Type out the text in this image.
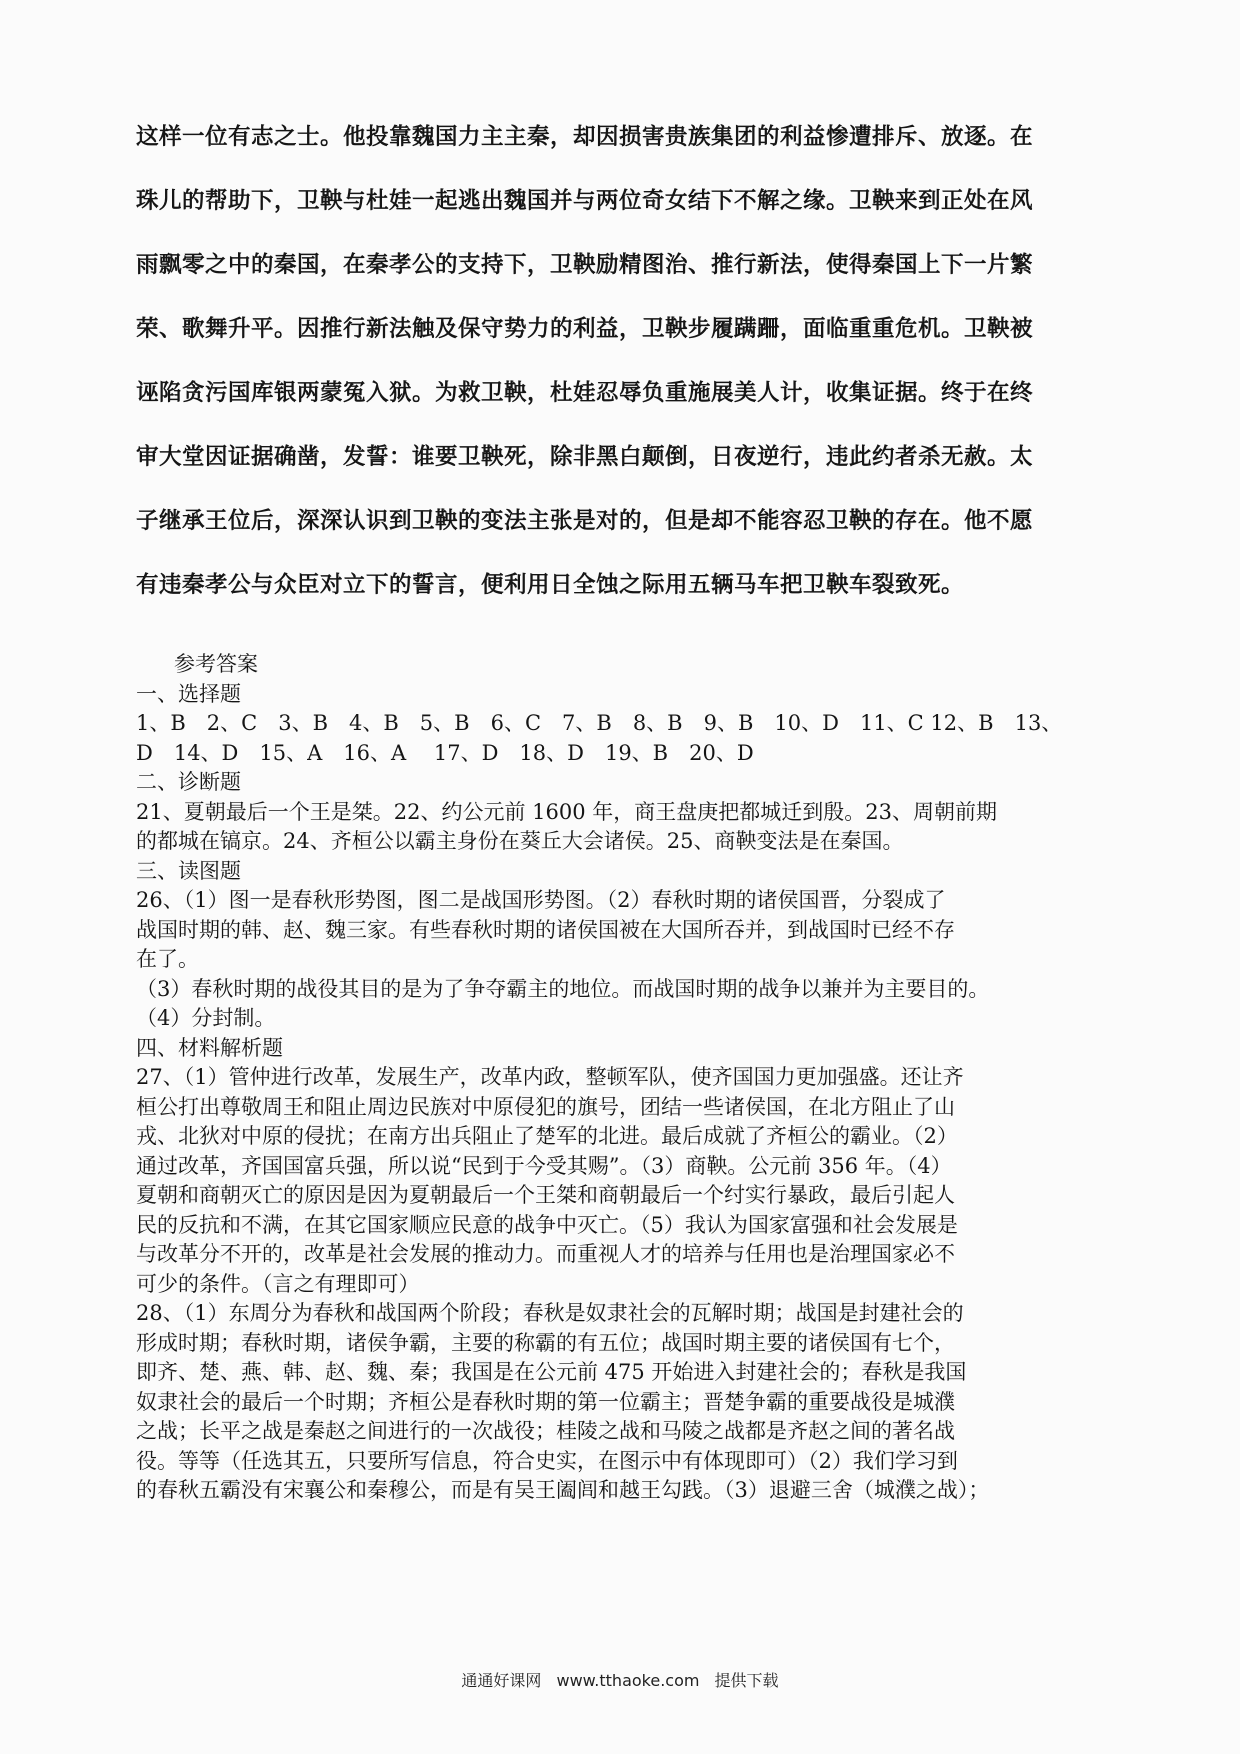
这样一位有志之士。他投靠魏国力主主秦，却因损害贵族集团的利益惨遭排斥、放逐。在
珠儿的帮助下，卫鞅与杜娃一起逃出魏国并与两位奇女结下不解之缘。卫鞅来到正处在风
雨飘零之中的秦国，在秦孝公的支持下，卫鞅励精图治、推行新法，使得秦国上下一片繁
荣、歌舞升平。因推行新法触及保守势力的利益，卫鞅步履蹒跚，面临重重危机。卫鞅被
诬陷贪污国库银两蒙冤入狱。为救卫鞅，杜娃忍辱负重施展美人计，收集证据。终于在终
审大堂因证据确凿，发誓：谁要卫鞅死，除非黑白颠倒，日夜逆行，违此约者杀无赦。太
子继承王位后，深深认识到卫鞅的变法主张是对的，但是却不能容忍卫鞅的存在。他不愿
有违秦孝公与众臣对立下的誓言，便利用日全蚀之际用五辆马车把卫鞅车裂致死。
参考答案
一、选择题
1、B　2、C　3、B　4、B　5、B　6、C　7、B　8、B　9、B　10、D　11、C 12、B　13、
D　14、D　15、A　16、A　 17、D　18、D　19、B　20、D
二、诊断题
21、夏朝最后一个王是桀。22、约公元前 1600 年，商王盘庚把都城迁到殷。23、周朝前期
的都城在镐京。24、齐桓公以霸主身份在葵丘大会诸侯。25、商鞅变法是在秦国。
三、读图题
26、（1）图一是春秋形势图，图二是战国形势图。（2）春秋时期的诸侯国晋，分裂成了
战国时期的韩、赵、魏三家。有些春秋时期的诸侯国被在大国所吞并，到战国时已经不存
在了。
（3）春秋时期的战役其目的是为了争夺霸主的地位。而战国时期的战争以兼并为主要目的。
（4）分封制。
四、材料解析题
27、（1）管仲进行改革，发展生产，改革内政，整顿军队，使齐国国力更加强盛。还让齐
桓公打出尊敬周王和阻止周边民族对中原侵犯的旗号，团结一些诸侯国，在北方阻止了山
戎、北狄对中原的侵扰；在南方出兵阻止了楚军的北进。最后成就了齐桓公的霸业。（2）
通过改革，齐国国富兵强，所以说“民到于今受其赐”。（3）商鞅。公元前 356 年。（4）
夏朝和商朝灭亡的原因是因为夏朝最后一个王桀和商朝最后一个纣实行暴政，最后引起人
民的反抗和不满，在其它国家顺应民意的战争中灭亡。（5）我认为国家富强和社会发展是
与改革分不开的，改革是社会发展的推动力。而重视人才的培养与任用也是治理国家必不
可少的条件。（言之有理即可）
28、（1）东周分为春秋和战国两个阶段；春秋是奴隶社会的瓦解时期；战国是封建社会的
形成时期；春秋时期，诸侯争霸，主要的称霸的有五位；战国时期主要的诸侯国有七个，
即齐、楚、燕、韩、赵、魏、秦；我国是在公元前 475 开始进入封建社会的；春秋是我国
奴隶社会的最后一个时期；齐桓公是春秋时期的第一位霸主；晋楚争霸的重要战役是城濮
之战；长平之战是秦赵之间进行的一次战役；桂陵之战和马陵之战都是齐赵之间的著名战
役。等等（任选其五，只要所写信息，符合史实，在图示中有体现即可）（2）我们学习到
的春秋五霸没有宋襄公和秦穆公，而是有吴王阖闾和越王勾践。（3）退避三舍（城濮之战）；
通通好课网 www.tthaoke.com 提供下载
